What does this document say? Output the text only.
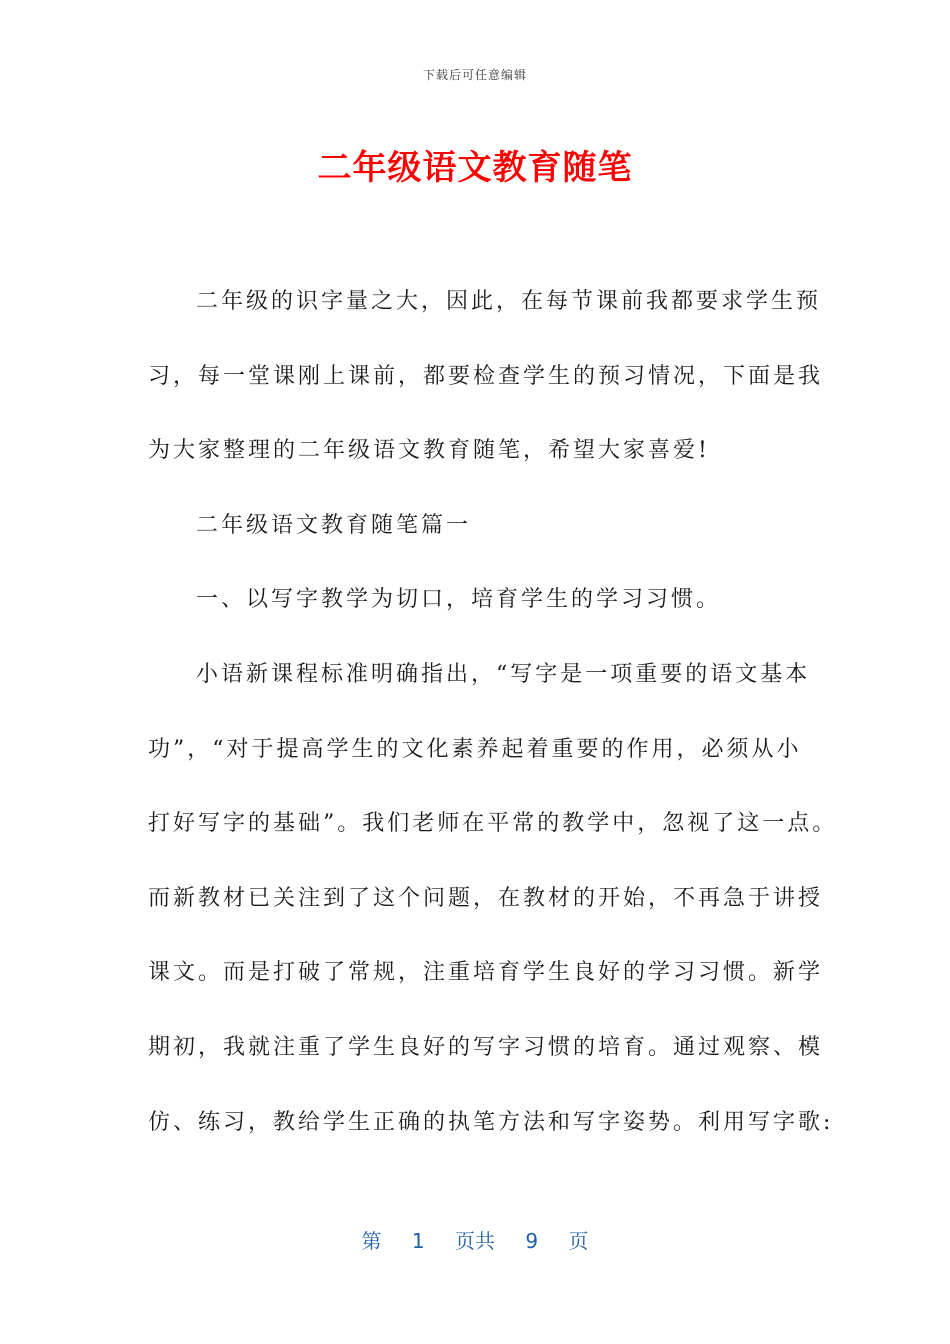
下载后可任意编辑
二年级语文教育随笔
二年级的识字量之大，因此，在每节课前我都要求学生预
习，每一堂课刚上课前，都要检查学生的预习情况，下面是我
为大家整理的二年级语文教育随笔，希望大家喜爱!
二年级语文教育随笔篇一
一、以写字教学为切口，培育学生的学习习惯。
小语新课程标准明确指出，“写字是一项重要的语文基本
功”，“对于提高学生的文化素养起着重要的作用，必须从小
打好写字的基础”。我们老师在平常的教学中，忽视了这一点。
而新教材已关注到了这个问题，在教材的开始，不再急于讲授
课文。而是打破了常规，注重培育学生良好的学习习惯。新学
期初，我就注重了学生良好的写字习惯的培育。通过观察、模
仿、练习，教给学生正确的执笔方法和写字姿势。利用写字歌:
第 1 页共 9 页
